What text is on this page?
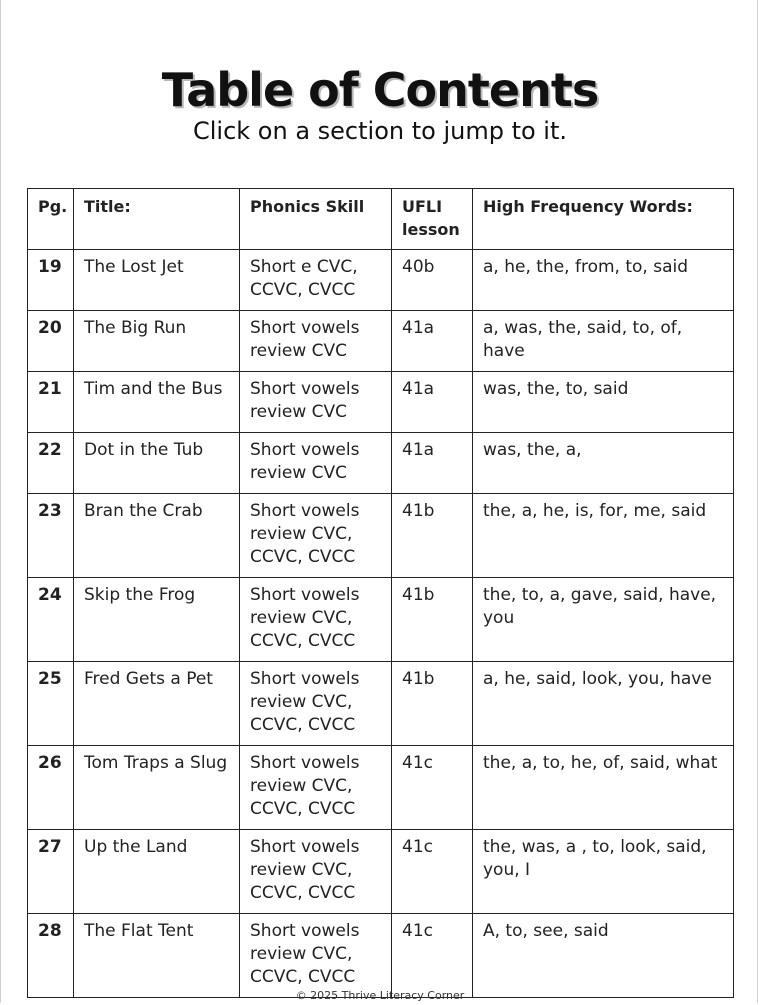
Table of Contents
Click on a section to jump to it.
Pg.	Title:	Phonics Skill	UFLI lesson	High Frequency Words:
19	The Lost Jet	Short e CVC, CCVC, CVCC	40b	a, he, the, from, to, said
20	The Big Run	Short vowels review CVC	41a	a, was, the, said, to, of, have
21	Tim and the Bus	Short vowels review CVC	41a	was, the, to, said
22	Dot in the Tub	Short vowels review CVC	41a	was, the, a,
23	Bran the Crab	Short vowels review CVC, CCVC, CVCC	41b	the, a, he, is, for, me, said
24	Skip the Frog	Short vowels review CVC, CCVC, CVCC	41b	the, to, a, gave, said, have, you
25	Fred Gets a Pet	Short vowels review CVC, CCVC, CVCC	41b	a, he, said, look, you, have
26	Tom Traps a Slug	Short vowels review CVC, CCVC, CVCC	41c	the, a, to, he, of, said, what
27	Up the Land	Short vowels review CVC, CCVC, CVCC	41c	the, was, a , to, look, said, you, I
28	The Flat Tent	Short vowels review CVC, CCVC, CVCC	41c	A, to, see, said
© 2025 Thrive Literacy Corner
